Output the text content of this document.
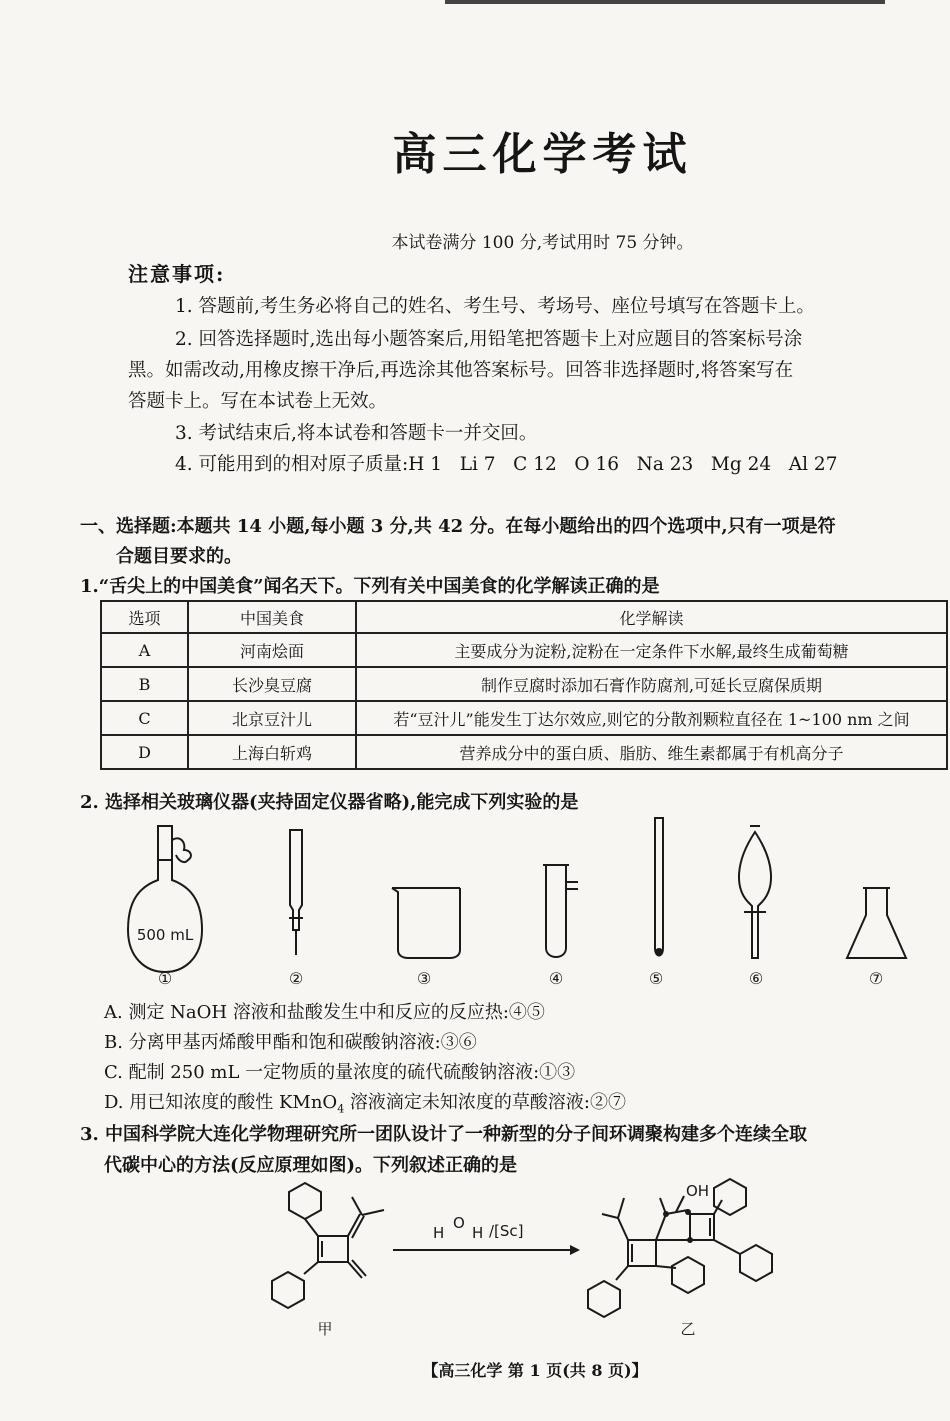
高三化学考试
本试卷满分 100 分,考试用时 75 分钟。
注意事项:
1. 答题前,考生务必将自己的姓名、考生号、考场号、座位号填写在答题卡上。
2. 回答选择题时,选出每小题答案后,用铅笔把答题卡上对应题目的答案标号涂
黑。如需改动,用橡皮擦干净后,再选涂其他答案标号。回答非选择题时,将答案写在
答题卡上。写在本试卷上无效。
3. 考试结束后,将本试卷和答题卡一并交回。
4. 可能用到的相对原子质量:H 1   Li 7   C 12   O 16   Na 23   Mg 24   Al 27
一、选择题:本题共 14 小题,每小题 3 分,共 42 分。在每小题给出的四个选项中,只有一项是符
合题目要求的。
1.“舌尖上的中国美食”闻名天下。下列有关中国美食的化学解读正确的是
选项	中国美食	化学解读
A	河南烩面	主要成分为淀粉,淀粉在一定条件下水解,最终生成葡萄糖
B	长沙臭豆腐	制作豆腐时添加石膏作防腐剂,可延长豆腐保质期
C	北京豆汁儿	若“豆汁儿”能发生丁达尔效应,则它的分散剂颗粒直径在 1~100 nm 之间
D	上海白斩鸡	营养成分中的蛋白质、脂肪、维生素都属于有机高分子
2. 选择相关玻璃仪器(夹持固定仪器省略),能完成下列实验的是
500 mL
①	②	③	④	⑤	⑥	⑦
H
O
H /[Sc]
OH
甲	乙
A. 测定 NaOH 溶液和盐酸发生中和反应的反应热:④⑤
B. 分离甲基丙烯酸甲酯和饱和碳酸钠溶液:③⑥
C. 配制 250 mL 一定物质的量浓度的硫代硫酸钠溶液:①③
D. 用已知浓度的酸性 KMnO$_4$ 溶液滴定未知浓度的草酸溶液:②⑦
3. 中国科学院大连化学物理研究所一团队设计了一种新型的分子间环调聚构建多个连续全取
代碳中心的方法(反应原理如图)。下列叙述正确的是
【高三化学 第 1 页(共 8 页)】
